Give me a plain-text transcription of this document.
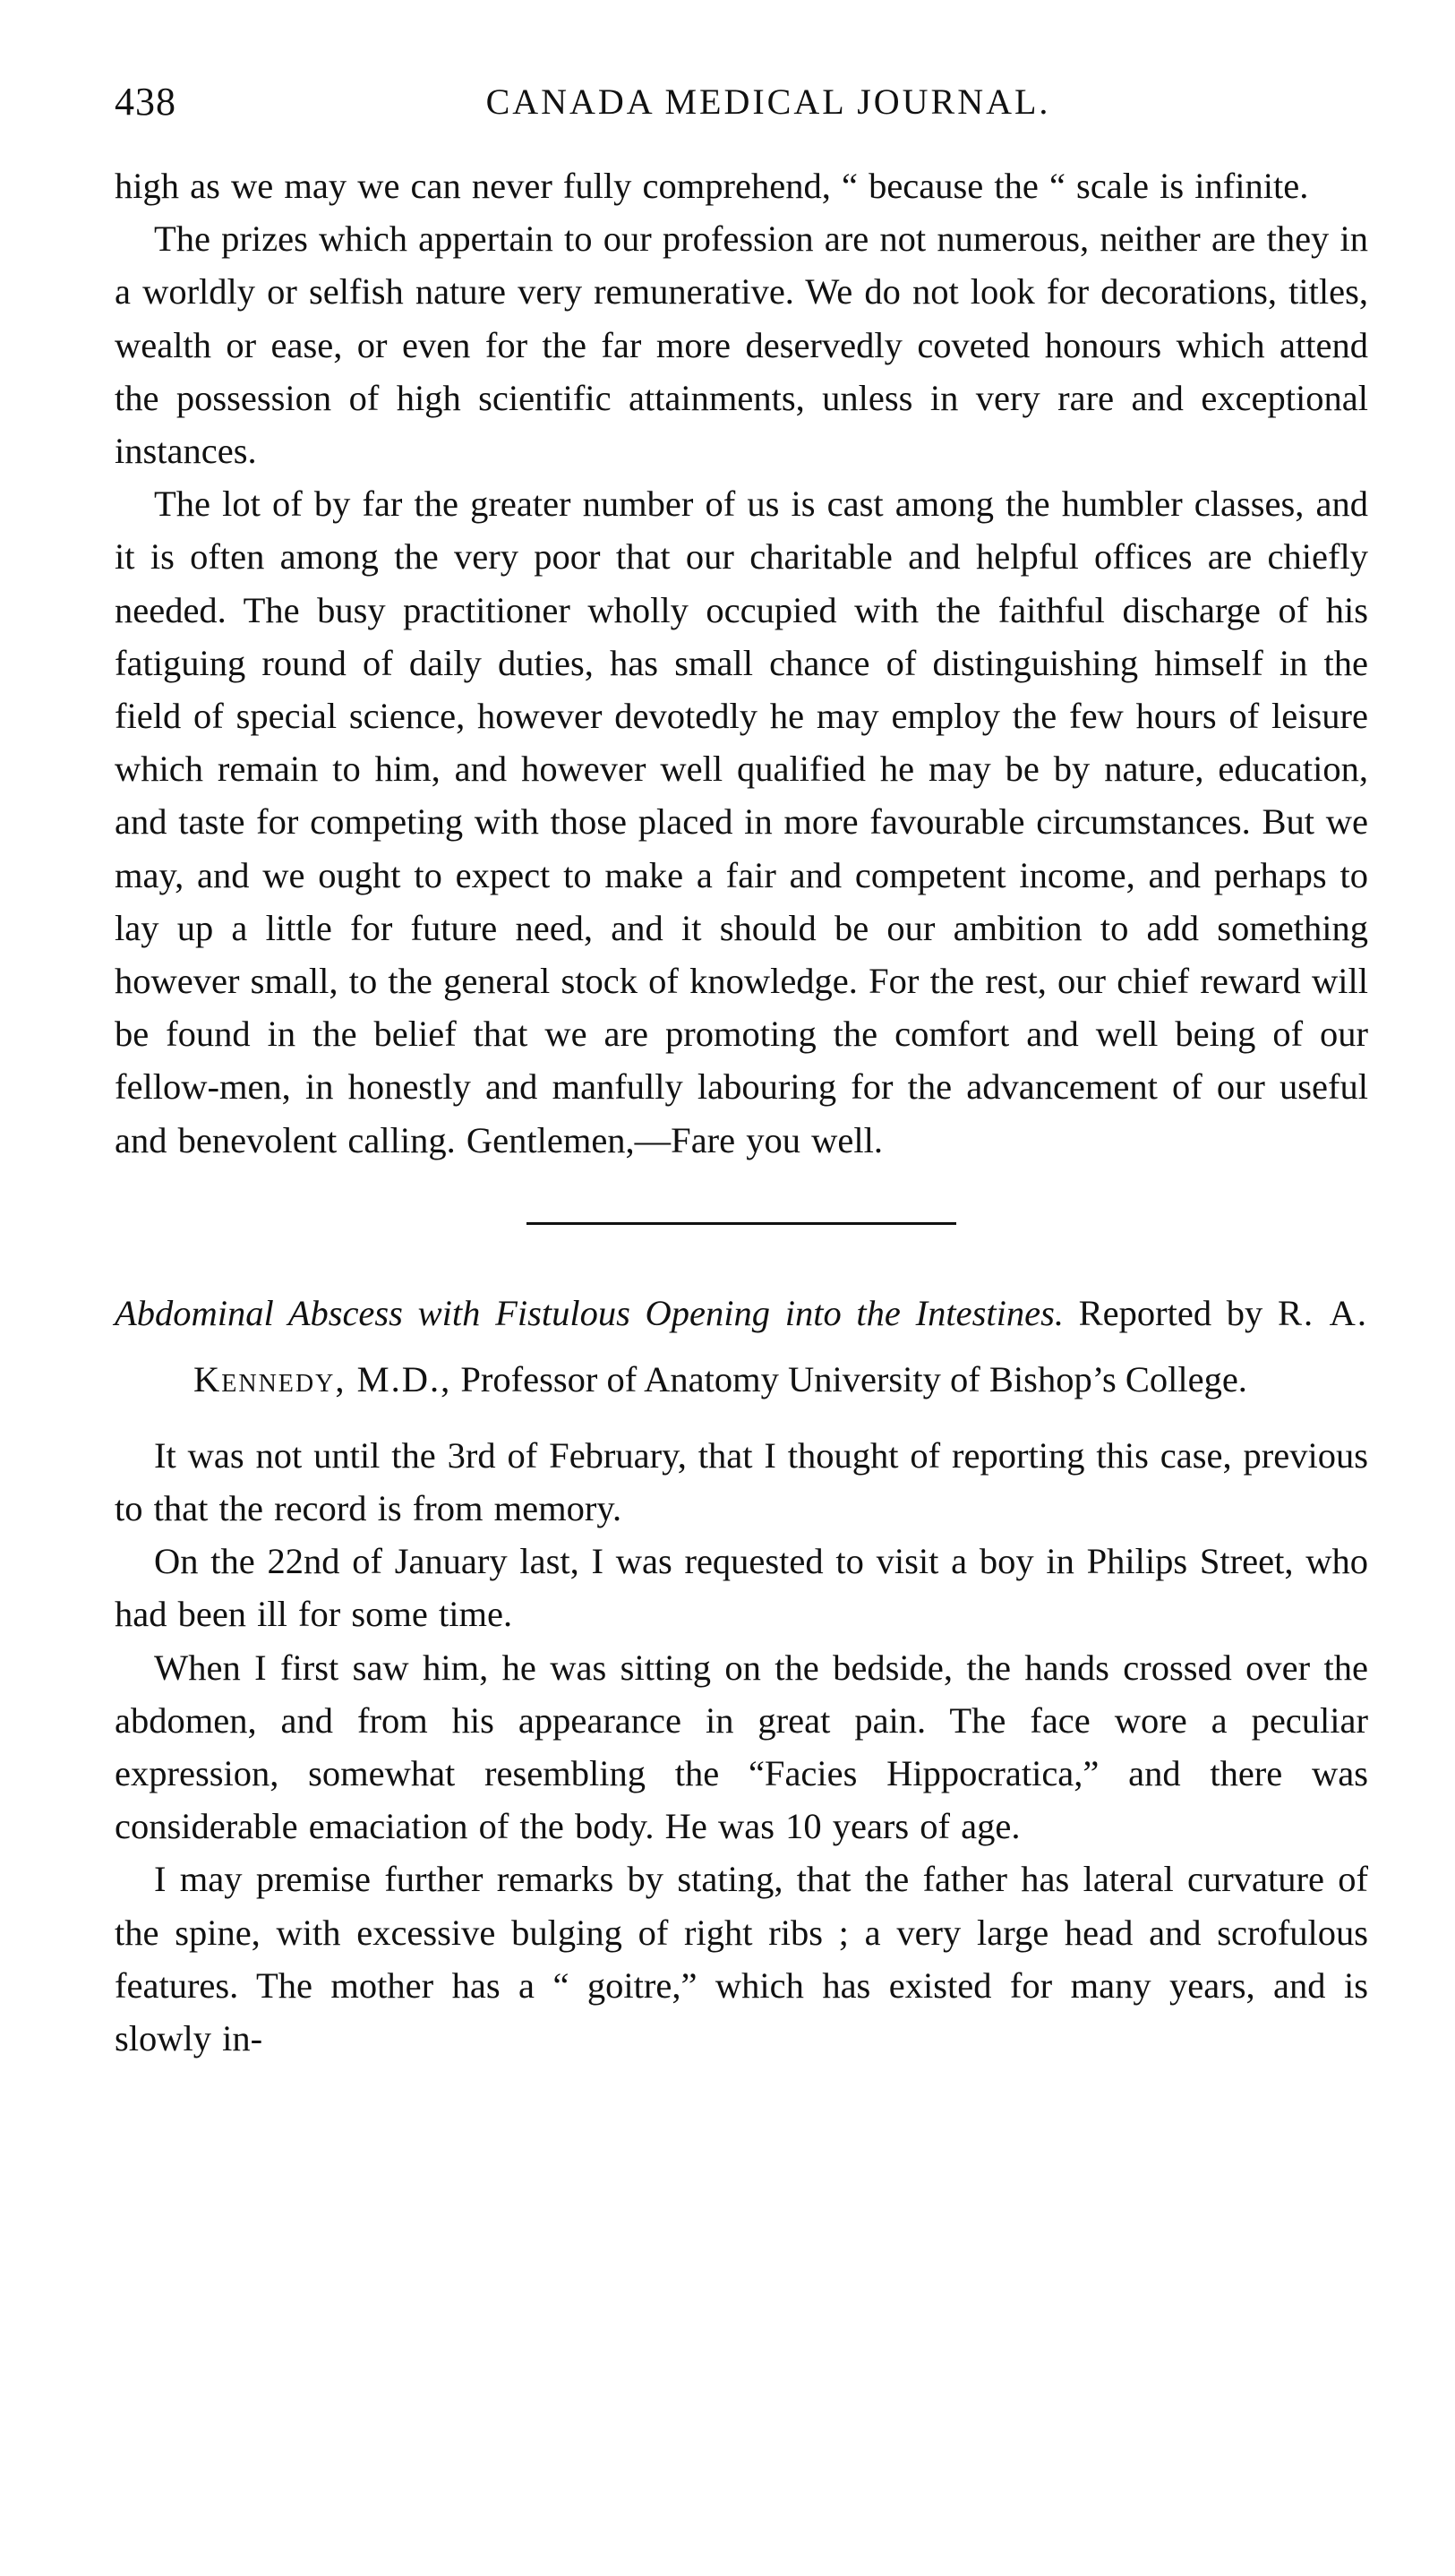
438	CANADA MEDICAL JOURNAL.

high as we may we can never fully comprehend, “ because the “ scale is infinite.

The prizes which appertain to our profession are not numerous, neither are they in a worldly or selfish nature very remunerative. We do not look for decorations, titles, wealth or ease, or even for the far more deservedly coveted honours which attend the possession of high scientific attainments, unless in very rare and exceptional instances.

The lot of by far the greater number of us is cast among the humbler classes, and it is often among the very poor that our charitable and helpful offices are chiefly needed. The busy practitioner wholly occupied with the faithful discharge of his fatiguing round of daily duties, has small chance of distinguishing himself in the field of special science, however devotedly he may employ the few hours of leisure which remain to him, and however well qualified he may be by nature, education, and taste for competing with those placed in more favourable circumstances. But we may, and we ought to expect to make a fair and competent income, and perhaps to lay up a little for future need, and it should be our ambition to add something however small, to the general stock of knowledge. For the rest, our chief reward will be found in the belief that we are promoting the comfort and well being of our fellow-men, in honestly and manfully labouring for the advancement of our useful and benevolent calling. Gentlemen,—Fare you well.

Abdominal Abscess with Fistulous Opening into the Intestines. Reported by R. A. Kennedy, M.D., Professor of Anatomy University of Bishop’s College.

It was not until the 3rd of February, that I thought of reporting this case, previous to that the record is from memory.

On the 22nd of January last, I was requested to visit a boy in Philips Street, who had been ill for some time.

When I first saw him, he was sitting on the bedside, the hands crossed over the abdomen, and from his appearance in great pain. The face wore a peculiar expression, somewhat resembling the “Facies Hippocratica,” and there was considerable emaciation of the body. He was 10 years of age.

I may premise further remarks by stating, that the father has lateral curvature of the spine, with excessive bulging of right ribs ; a very large head and scrofulous features. The mother has a “ goitre,” which has existed for many years, and is slowly in-
